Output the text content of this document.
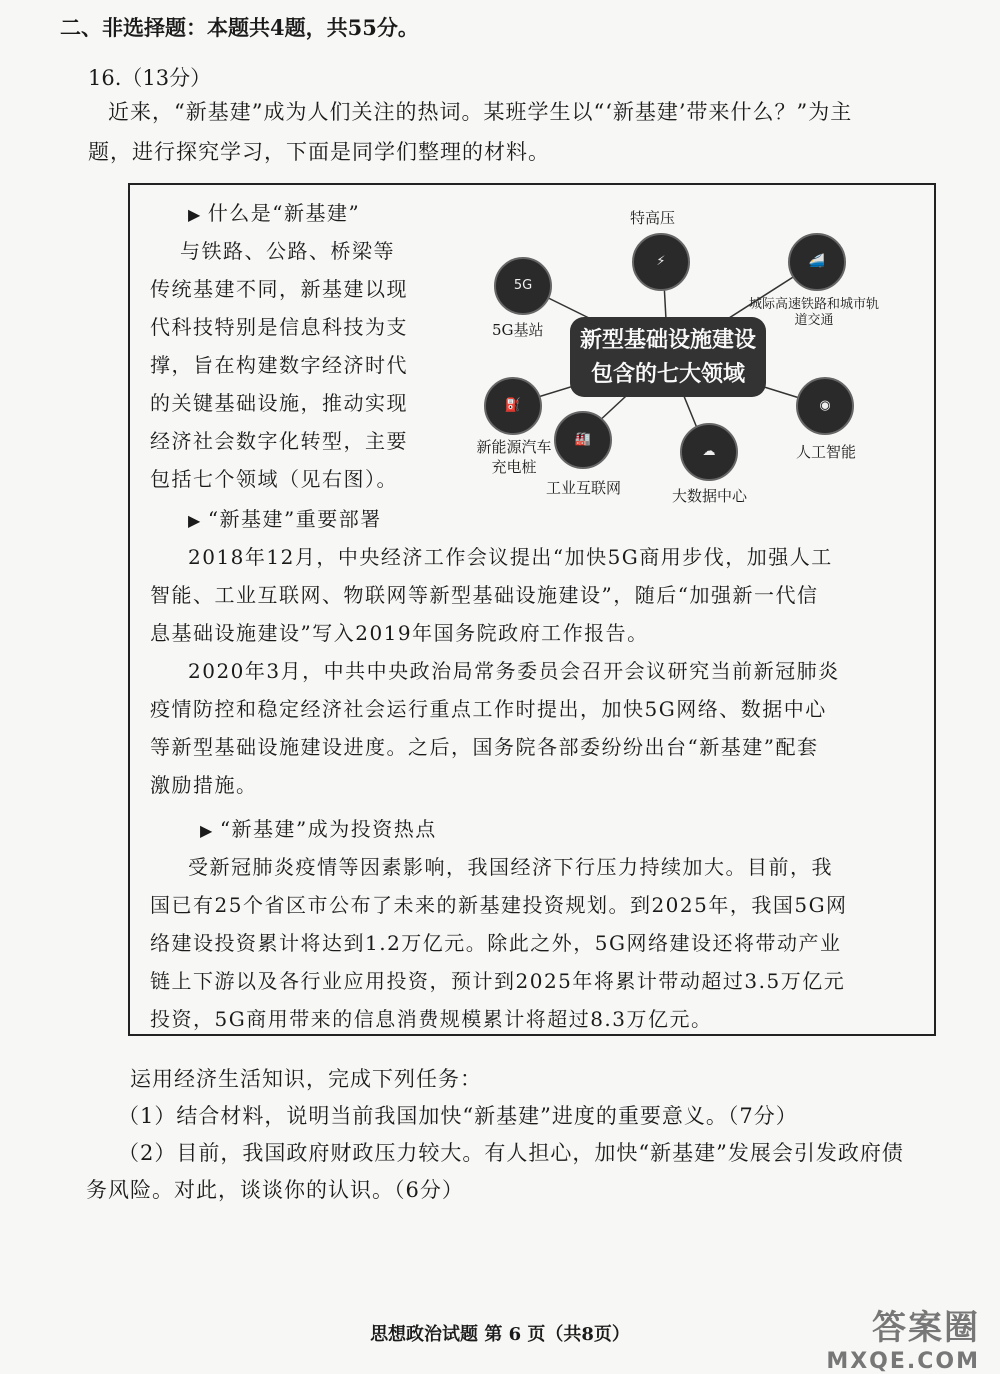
二、非选择题：本题共4题，共55分。
16.（13分）
近来，“新基建”成为人们关注的热词。某班学生以“‘新基建’带来什么？”为主
题，进行探究学习，下面是同学们整理的材料。
▶ 什么是“新基建”
与铁路、公路、桥梁等
传统基建不同，新基建以现
代科技特别是信息科技为支
撑，旨在构建数字经济时代
的关键基础设施，推动实现
经济社会数字化转型，主要
包括七个领域（见右图）。
新型基础设施建设
包含的七大领域
5G
5G基站
⚡
特高压
🚄
城际高速铁路和城市轨道交通
⛽
新能源汽车充电桩
🏭
工业互联网
☁
大数据中心
◉
人工智能
▶ “新基建”重要部署
2018年12月，中央经济工作会议提出“加快5G商用步伐，加强人工
智能、工业互联网、物联网等新型基础设施建设”，随后“加强新一代信
息基础设施建设”写入2019年国务院政府工作报告。
2020年3月，中共中央政治局常务委员会召开会议研究当前新冠肺炎
疫情防控和稳定经济社会运行重点工作时提出，加快5G网络、数据中心
等新型基础设施建设进度。之后，国务院各部委纷纷出台“新基建”配套
激励措施。
▶ “新基建”成为投资热点
受新冠肺炎疫情等因素影响，我国经济下行压力持续加大。目前，我
国已有25个省区市公布了未来的新基建投资规划。到2025年，我国5G网
络建设投资累计将达到1.2万亿元。除此之外，5G网络建设还将带动产业
链上下游以及各行业应用投资，预计到2025年将累计带动超过3.5万亿元
投资，5G商用带来的信息消费规模累计将超过8.3万亿元。
运用经济生活知识，完成下列任务：
（1）结合材料，说明当前我国加快“新基建”进度的重要意义。（7分）
（2）目前，我国政府财政压力较大。有人担心，加快“新基建”发展会引发政府债
务风险。对此，谈谈你的认识。（6分）
答案圈
MXQE.COM
思想政治试题 第 6 页（共8页）
